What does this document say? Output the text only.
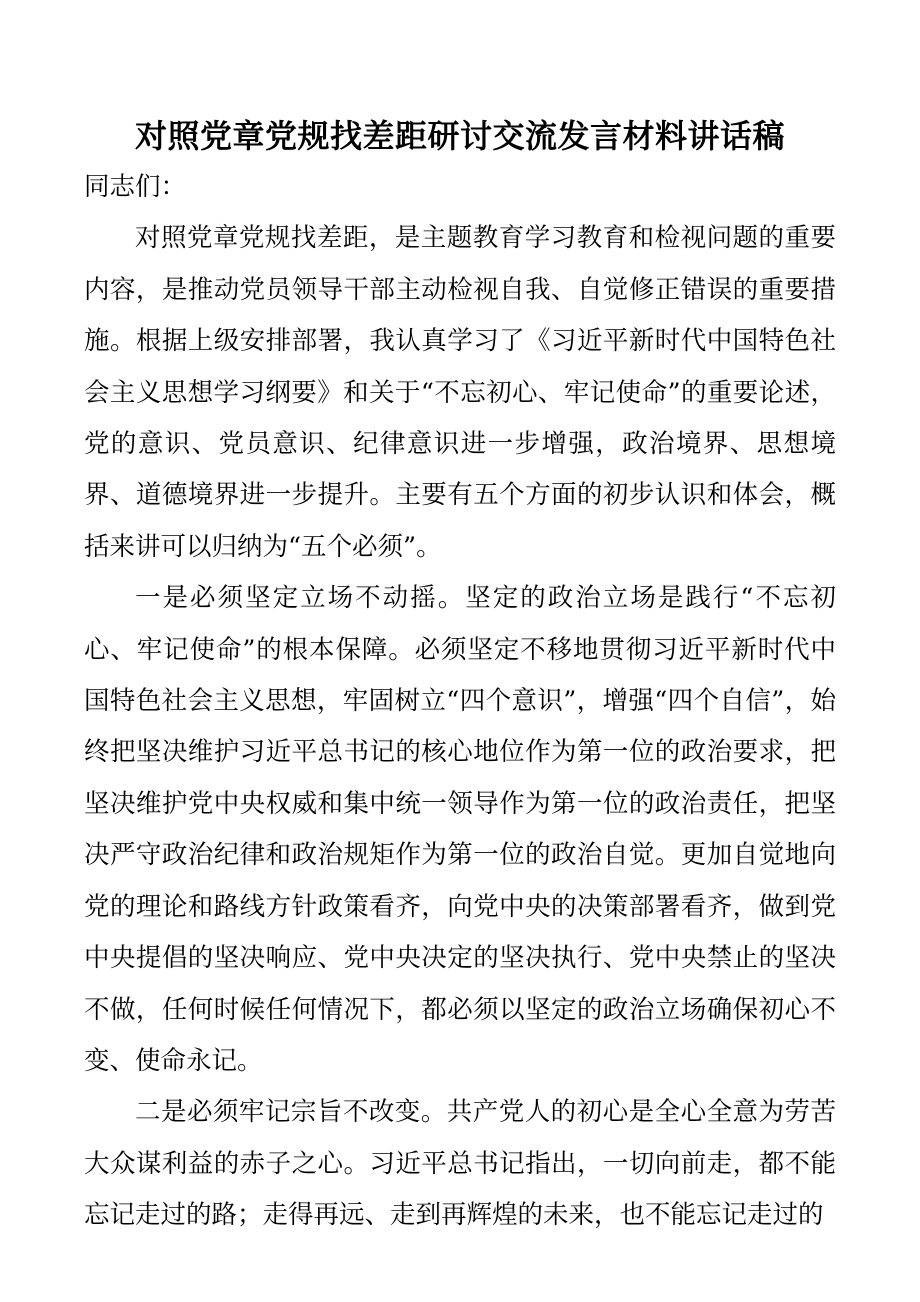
对照党章党规找差距研讨交流发言材料讲话稿

同志们：

对照党章党规找差距，是主题教育学习教育和检视问题的重要内容，是推动党员领导干部主动检视自我、自觉修正错误的重要措施。根据上级安排部署，我认真学习了《习近平新时代中国特色社会主义思想学习纲要》和关于“不忘初心、牢记使命”的重要论述，党的意识、党员意识、纪律意识进一步增强，政治境界、思想境界、道德境界进一步提升。主要有五个方面的初步认识和体会，概括来讲可以归纳为“五个必须”。

一是必须坚定立场不动摇。坚定的政治立场是践行“不忘初心、牢记使命”的根本保障。必须坚定不移地贯彻习近平新时代中国特色社会主义思想，牢固树立“四个意识”，增强“四个自信”，始终把坚决维护习近平总书记的核心地位作为第一位的政治要求，把坚决维护党中央权威和集中统一领导作为第一位的政治责任，把坚决严守政治纪律和政治规矩作为第一位的政治自觉。更加自觉地向党的理论和路线方针政策看齐，向党中央的决策部署看齐，做到党中央提倡的坚决响应、党中央决定的坚决执行、党中央禁止的坚决不做，任何时候任何情况下，都必须以坚定的政治立场确保初心不变、使命永记。

二是必须牢记宗旨不改变。共产党人的初心是全心全意为劳苦大众谋利益的赤子之心。习近平总书记指出，一切向前走，都不能忘记走过的路；走得再远、走到再辉煌的未来，也不能忘记走过的
